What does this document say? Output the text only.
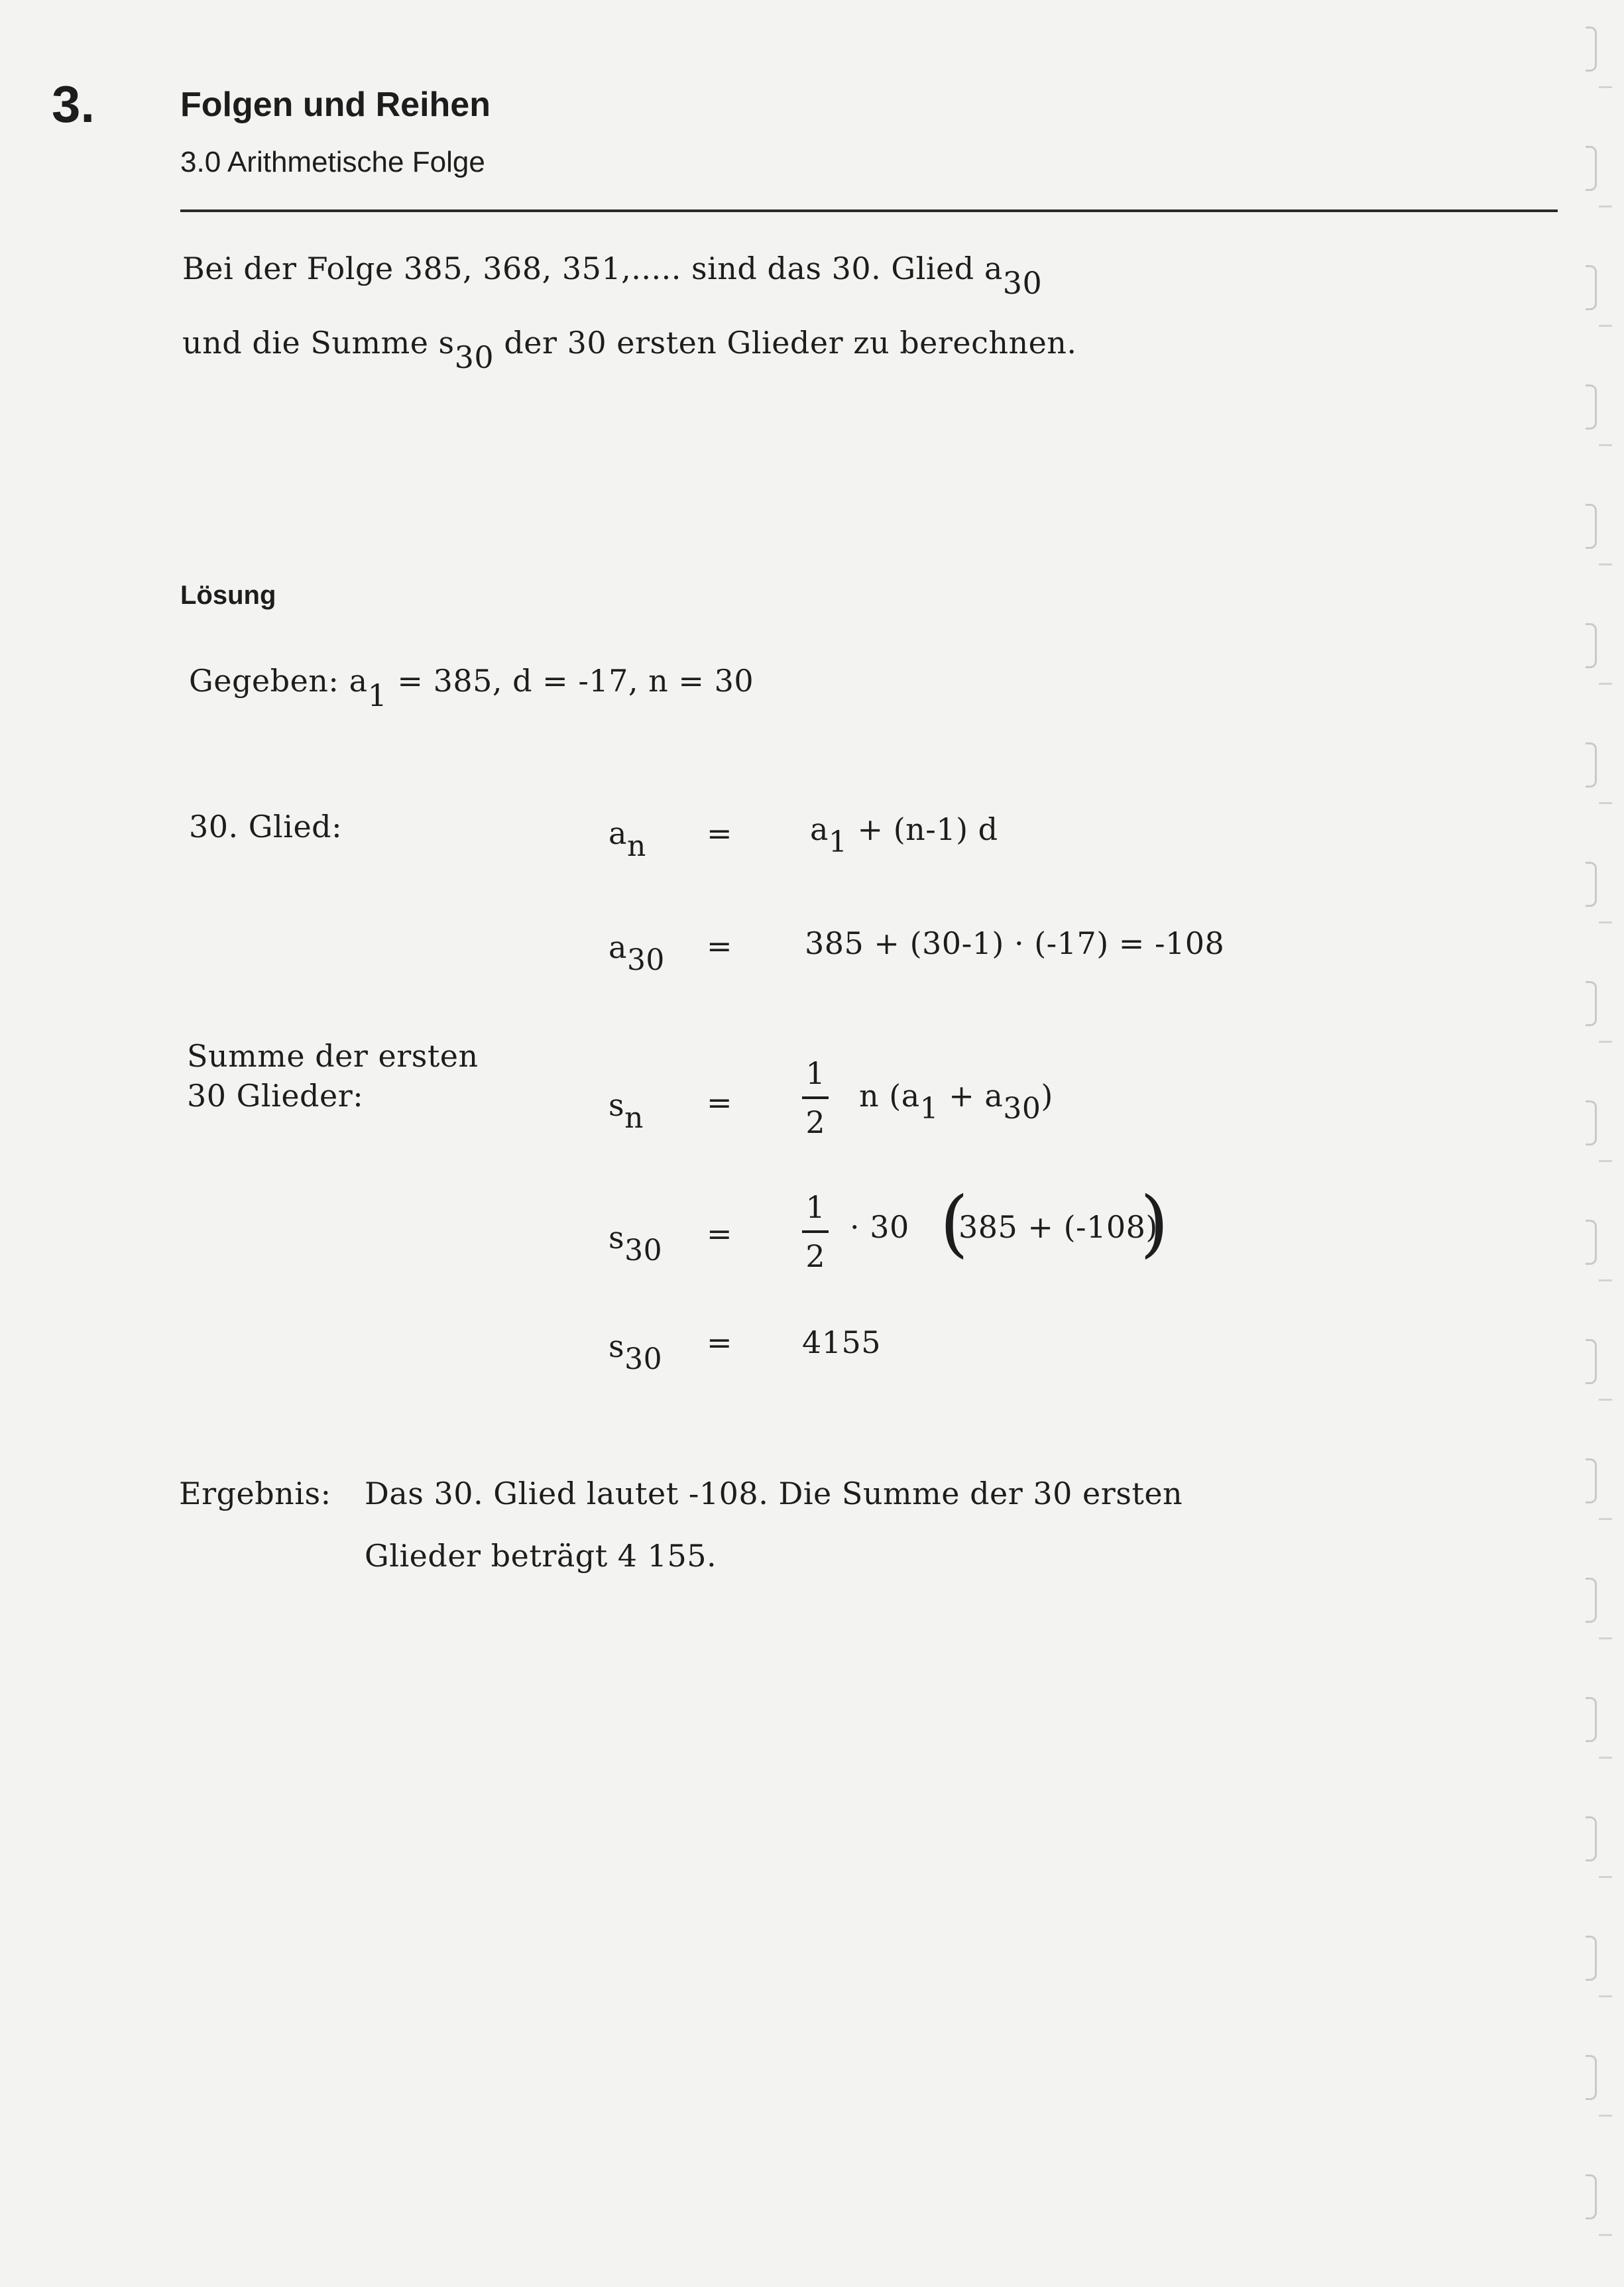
3. Folgen und Reihen
3.0 Arithmetische Folge
Bei der Folge 385, 368, 351,..... sind das 30. Glied a30
und die Summe s30 der 30 ersten Glieder zu berechnen.
Lösung
Gegeben: a1 = 385, d = -17, n = 30
30. Glied:	an =	a1 + (n-1) d
a30 = 385 + (30-1) · (-17) = -108
Summe der ersten
30 Glieder:	sn =
1
2
n (a1 + a30)
s30 =
1
2
· 30 (
385 + (-108)
)
s30 = 4155
Ergebnis: Das 30. Glied lautet -108. Die Summe der 30 ersten
Glieder beträgt 4 155.
